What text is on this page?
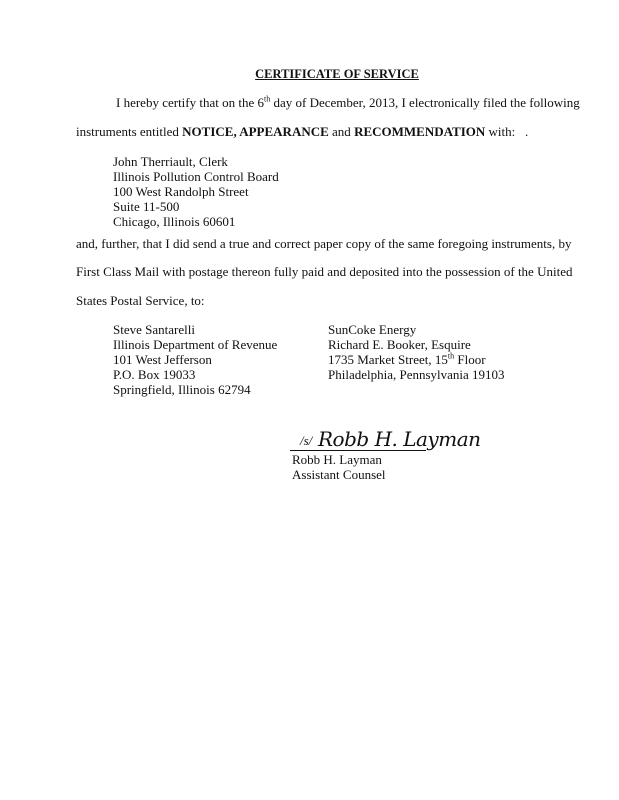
CERTIFICATE OF SERVICE
I hereby certify that on the 6th day of December, 2013, I electronically filed the following
instruments entitled NOTICE, APPEARANCE and RECOMMENDATION with: .
John Therriault, Clerk
Illinois Pollution Control Board
100 West Randolph Street
Suite 11-500
Chicago, Illinois 60601
and, further, that I did send a true and correct paper copy of the same foregoing instruments, by
First Class Mail with postage thereon fully paid and deposited into the possession of the United
States Postal Service, to:
Steve Santarelli
Illinois Department of Revenue
101 West Jefferson
P.O. Box 19033
Springfield, Illinois 62794
SunCoke Energy
Richard E. Booker, Esquire
1735 Market Street, 15th Floor
Philadelphia, Pennsylvania 19103
/s/ Robb H. Layman
Robb H. Layman
Assistant Counsel
